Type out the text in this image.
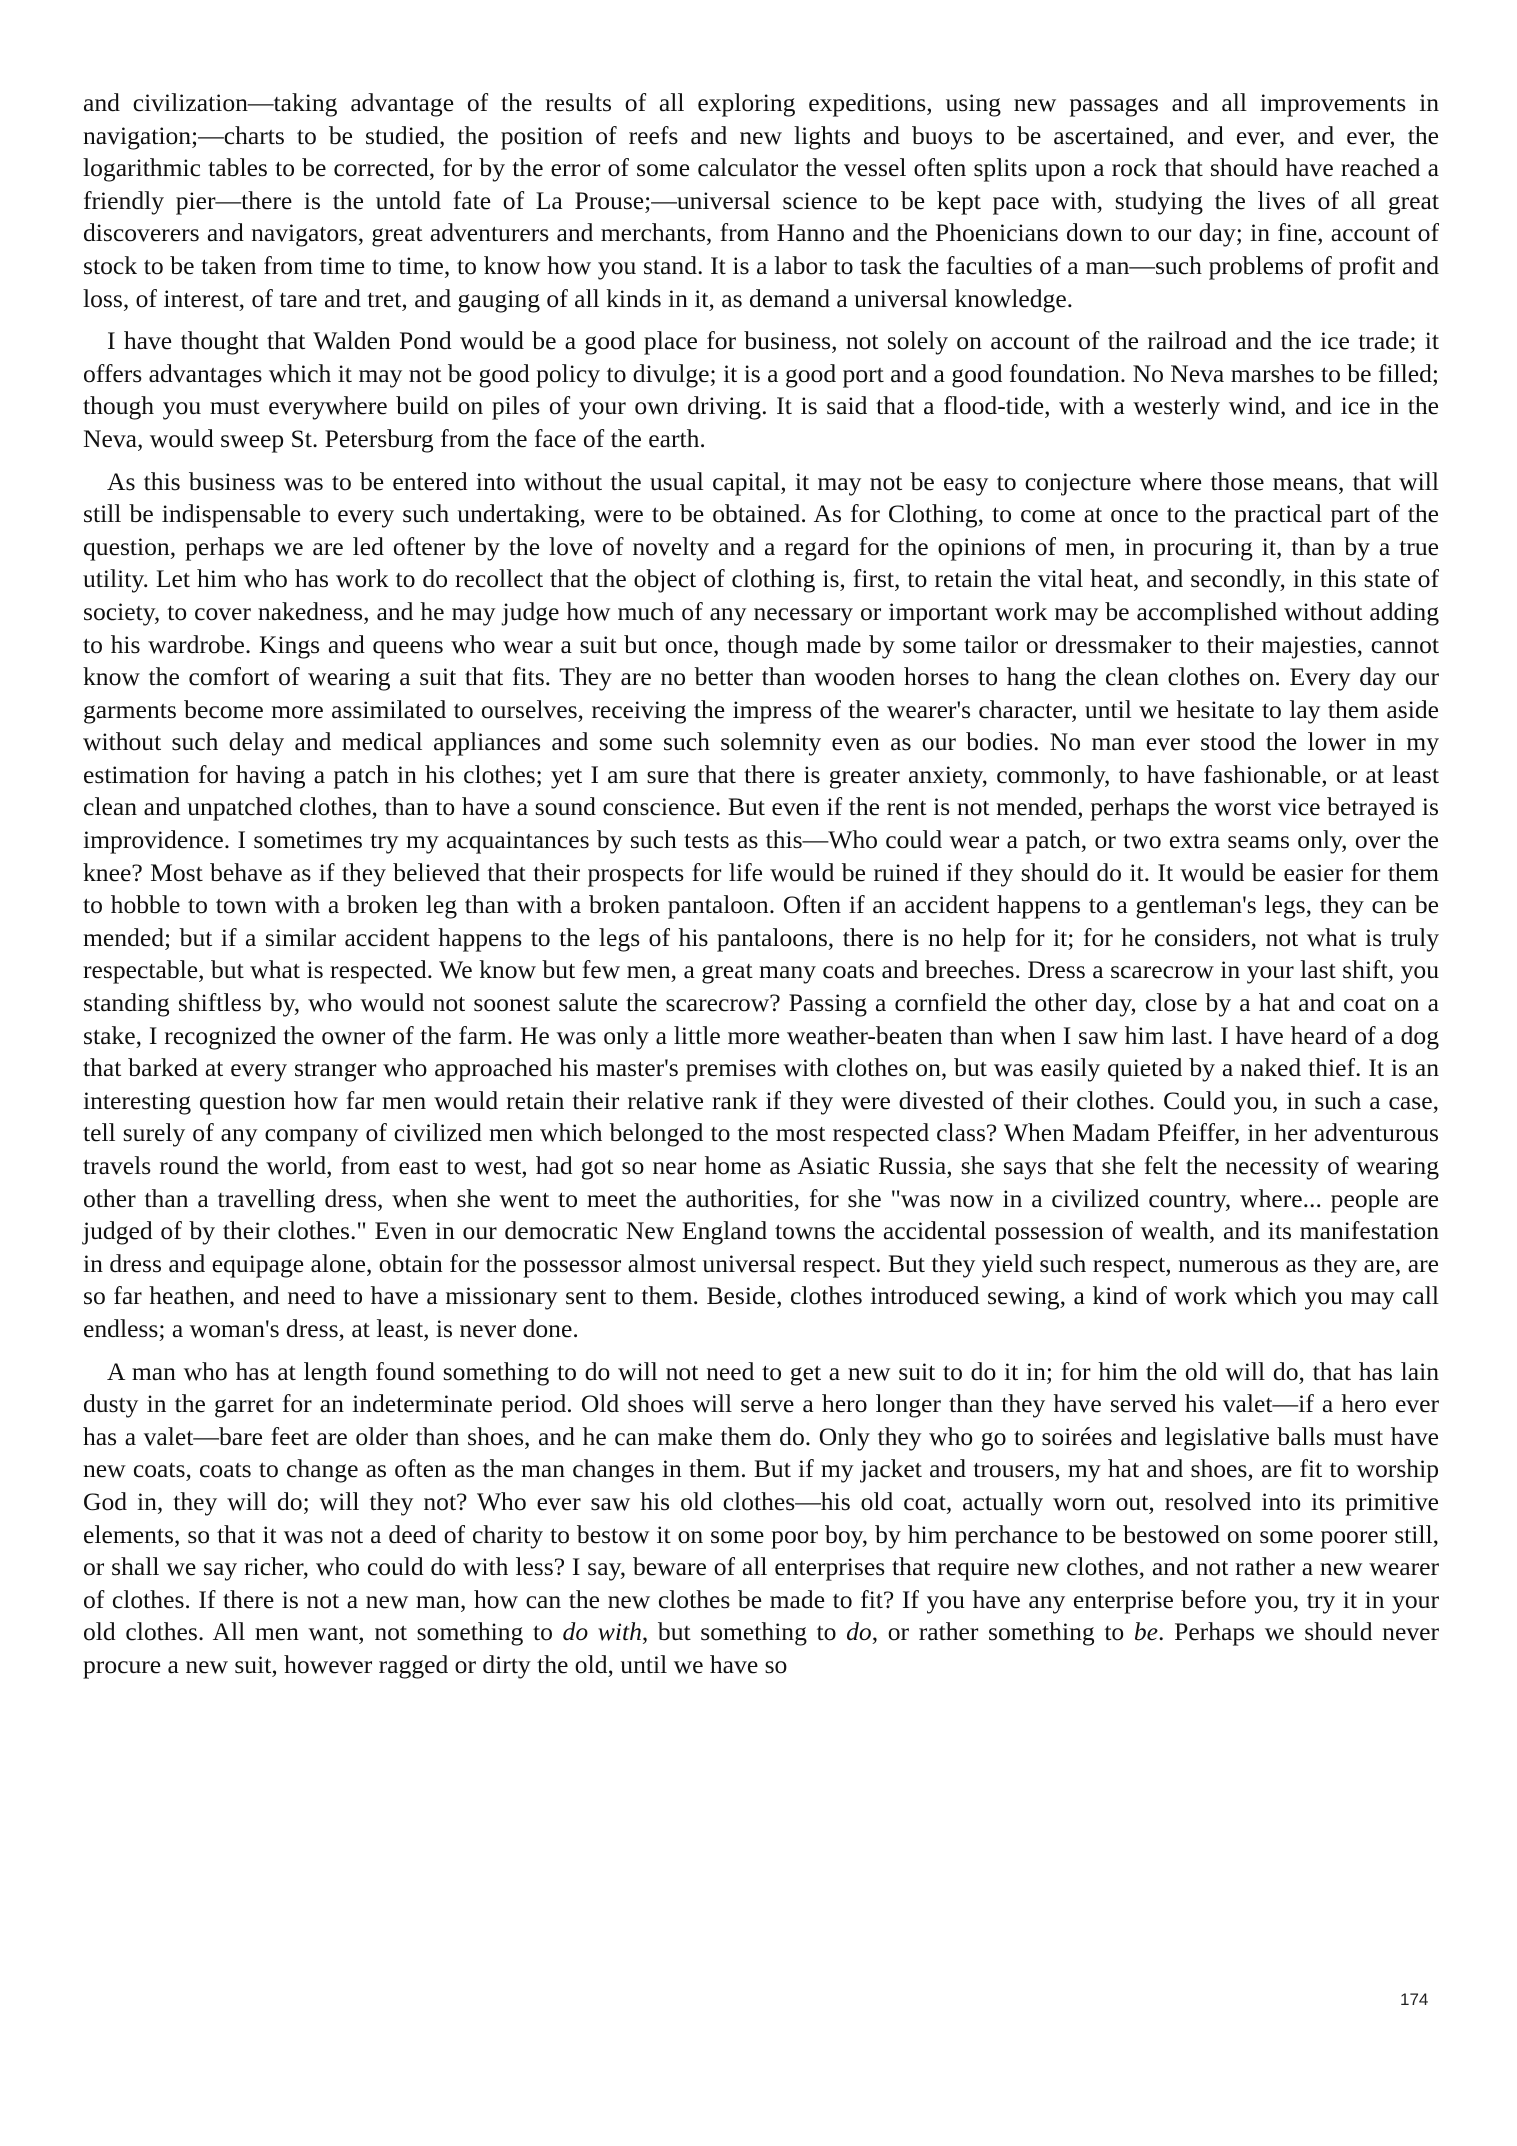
and civilization—taking advantage of the results of all exploring expeditions, using new passages and all improvements in navigation;—charts to be studied, the position of reefs and new lights and buoys to be ascertained, and ever, and ever, the logarithmic tables to be corrected, for by the error of some calculator the vessel often splits upon a rock that should have reached a friendly pier—there is the untold fate of La Prouse;—universal science to be kept pace with, studying the lives of all great discoverers and navigators, great adventurers and merchants, from Hanno and the Phoenicians down to our day; in fine, account of stock to be taken from time to time, to know how you stand. It is a labor to task the faculties of a man—such problems of profit and loss, of interest, of tare and tret, and gauging of all kinds in it, as demand a universal knowledge.

I have thought that Walden Pond would be a good place for business, not solely on account of the railroad and the ice trade; it offers advantages which it may not be good policy to divulge; it is a good port and a good foundation. No Neva marshes to be filled; though you must everywhere build on piles of your own driving. It is said that a flood-tide, with a westerly wind, and ice in the Neva, would sweep St. Petersburg from the face of the earth.

As this business was to be entered into without the usual capital, it may not be easy to conjecture where those means, that will still be indispensable to every such undertaking, were to be obtained. As for Clothing, to come at once to the practical part of the question, perhaps we are led oftener by the love of novelty and a regard for the opinions of men, in procuring it, than by a true utility. Let him who has work to do recollect that the object of clothing is, first, to retain the vital heat, and secondly, in this state of society, to cover nakedness, and he may judge how much of any necessary or important work may be accomplished without adding to his wardrobe. Kings and queens who wear a suit but once, though made by some tailor or dressmaker to their majesties, cannot know the comfort of wearing a suit that fits. They are no better than wooden horses to hang the clean clothes on. Every day our garments become more assimilated to ourselves, receiving the impress of the wearer's character, until we hesitate to lay them aside without such delay and medical appliances and some such solemnity even as our bodies. No man ever stood the lower in my estimation for having a patch in his clothes; yet I am sure that there is greater anxiety, commonly, to have fashionable, or at least clean and unpatched clothes, than to have a sound conscience. But even if the rent is not mended, perhaps the worst vice betrayed is improvidence. I sometimes try my acquaintances by such tests as this—Who could wear a patch, or two extra seams only, over the knee? Most behave as if they believed that their prospects for life would be ruined if they should do it. It would be easier for them to hobble to town with a broken leg than with a broken pantaloon. Often if an accident happens to a gentleman's legs, they can be mended; but if a similar accident happens to the legs of his pantaloons, there is no help for it; for he considers, not what is truly respectable, but what is respected. We know but few men, a great many coats and breeches. Dress a scarecrow in your last shift, you standing shiftless by, who would not soonest salute the scarecrow? Passing a cornfield the other day, close by a hat and coat on a stake, I recognized the owner of the farm. He was only a little more weather-beaten than when I saw him last. I have heard of a dog that barked at every stranger who approached his master's premises with clothes on, but was easily quieted by a naked thief. It is an interesting question how far men would retain their relative rank if they were divested of their clothes. Could you, in such a case, tell surely of any company of civilized men which belonged to the most respected class? When Madam Pfeiffer, in her adventurous travels round the world, from east to west, had got so near home as Asiatic Russia, she says that she felt the necessity of wearing other than a travelling dress, when she went to meet the authorities, for she "was now in a civilized country, where... people are judged of by their clothes." Even in our democratic New England towns the accidental possession of wealth, and its manifestation in dress and equipage alone, obtain for the possessor almost universal respect. But they yield such respect, numerous as they are, are so far heathen, and need to have a missionary sent to them. Beside, clothes introduced sewing, a kind of work which you may call endless; a woman's dress, at least, is never done.

A man who has at length found something to do will not need to get a new suit to do it in; for him the old will do, that has lain dusty in the garret for an indeterminate period. Old shoes will serve a hero longer than they have served his valet—if a hero ever has a valet—bare feet are older than shoes, and he can make them do. Only they who go to soirées and legislative balls must have new coats, coats to change as often as the man changes in them. But if my jacket and trousers, my hat and shoes, are fit to worship God in, they will do; will they not? Who ever saw his old clothes—his old coat, actually worn out, resolved into its primitive elements, so that it was not a deed of charity to bestow it on some poor boy, by him perchance to be bestowed on some poorer still, or shall we say richer, who could do with less? I say, beware of all enterprises that require new clothes, and not rather a new wearer of clothes. If there is not a new man, how can the new clothes be made to fit? If you have any enterprise before you, try it in your old clothes. All men want, not something to do with, but something to do, or rather something to be. Perhaps we should never procure a new suit, however ragged or dirty the old, until we have so

174
